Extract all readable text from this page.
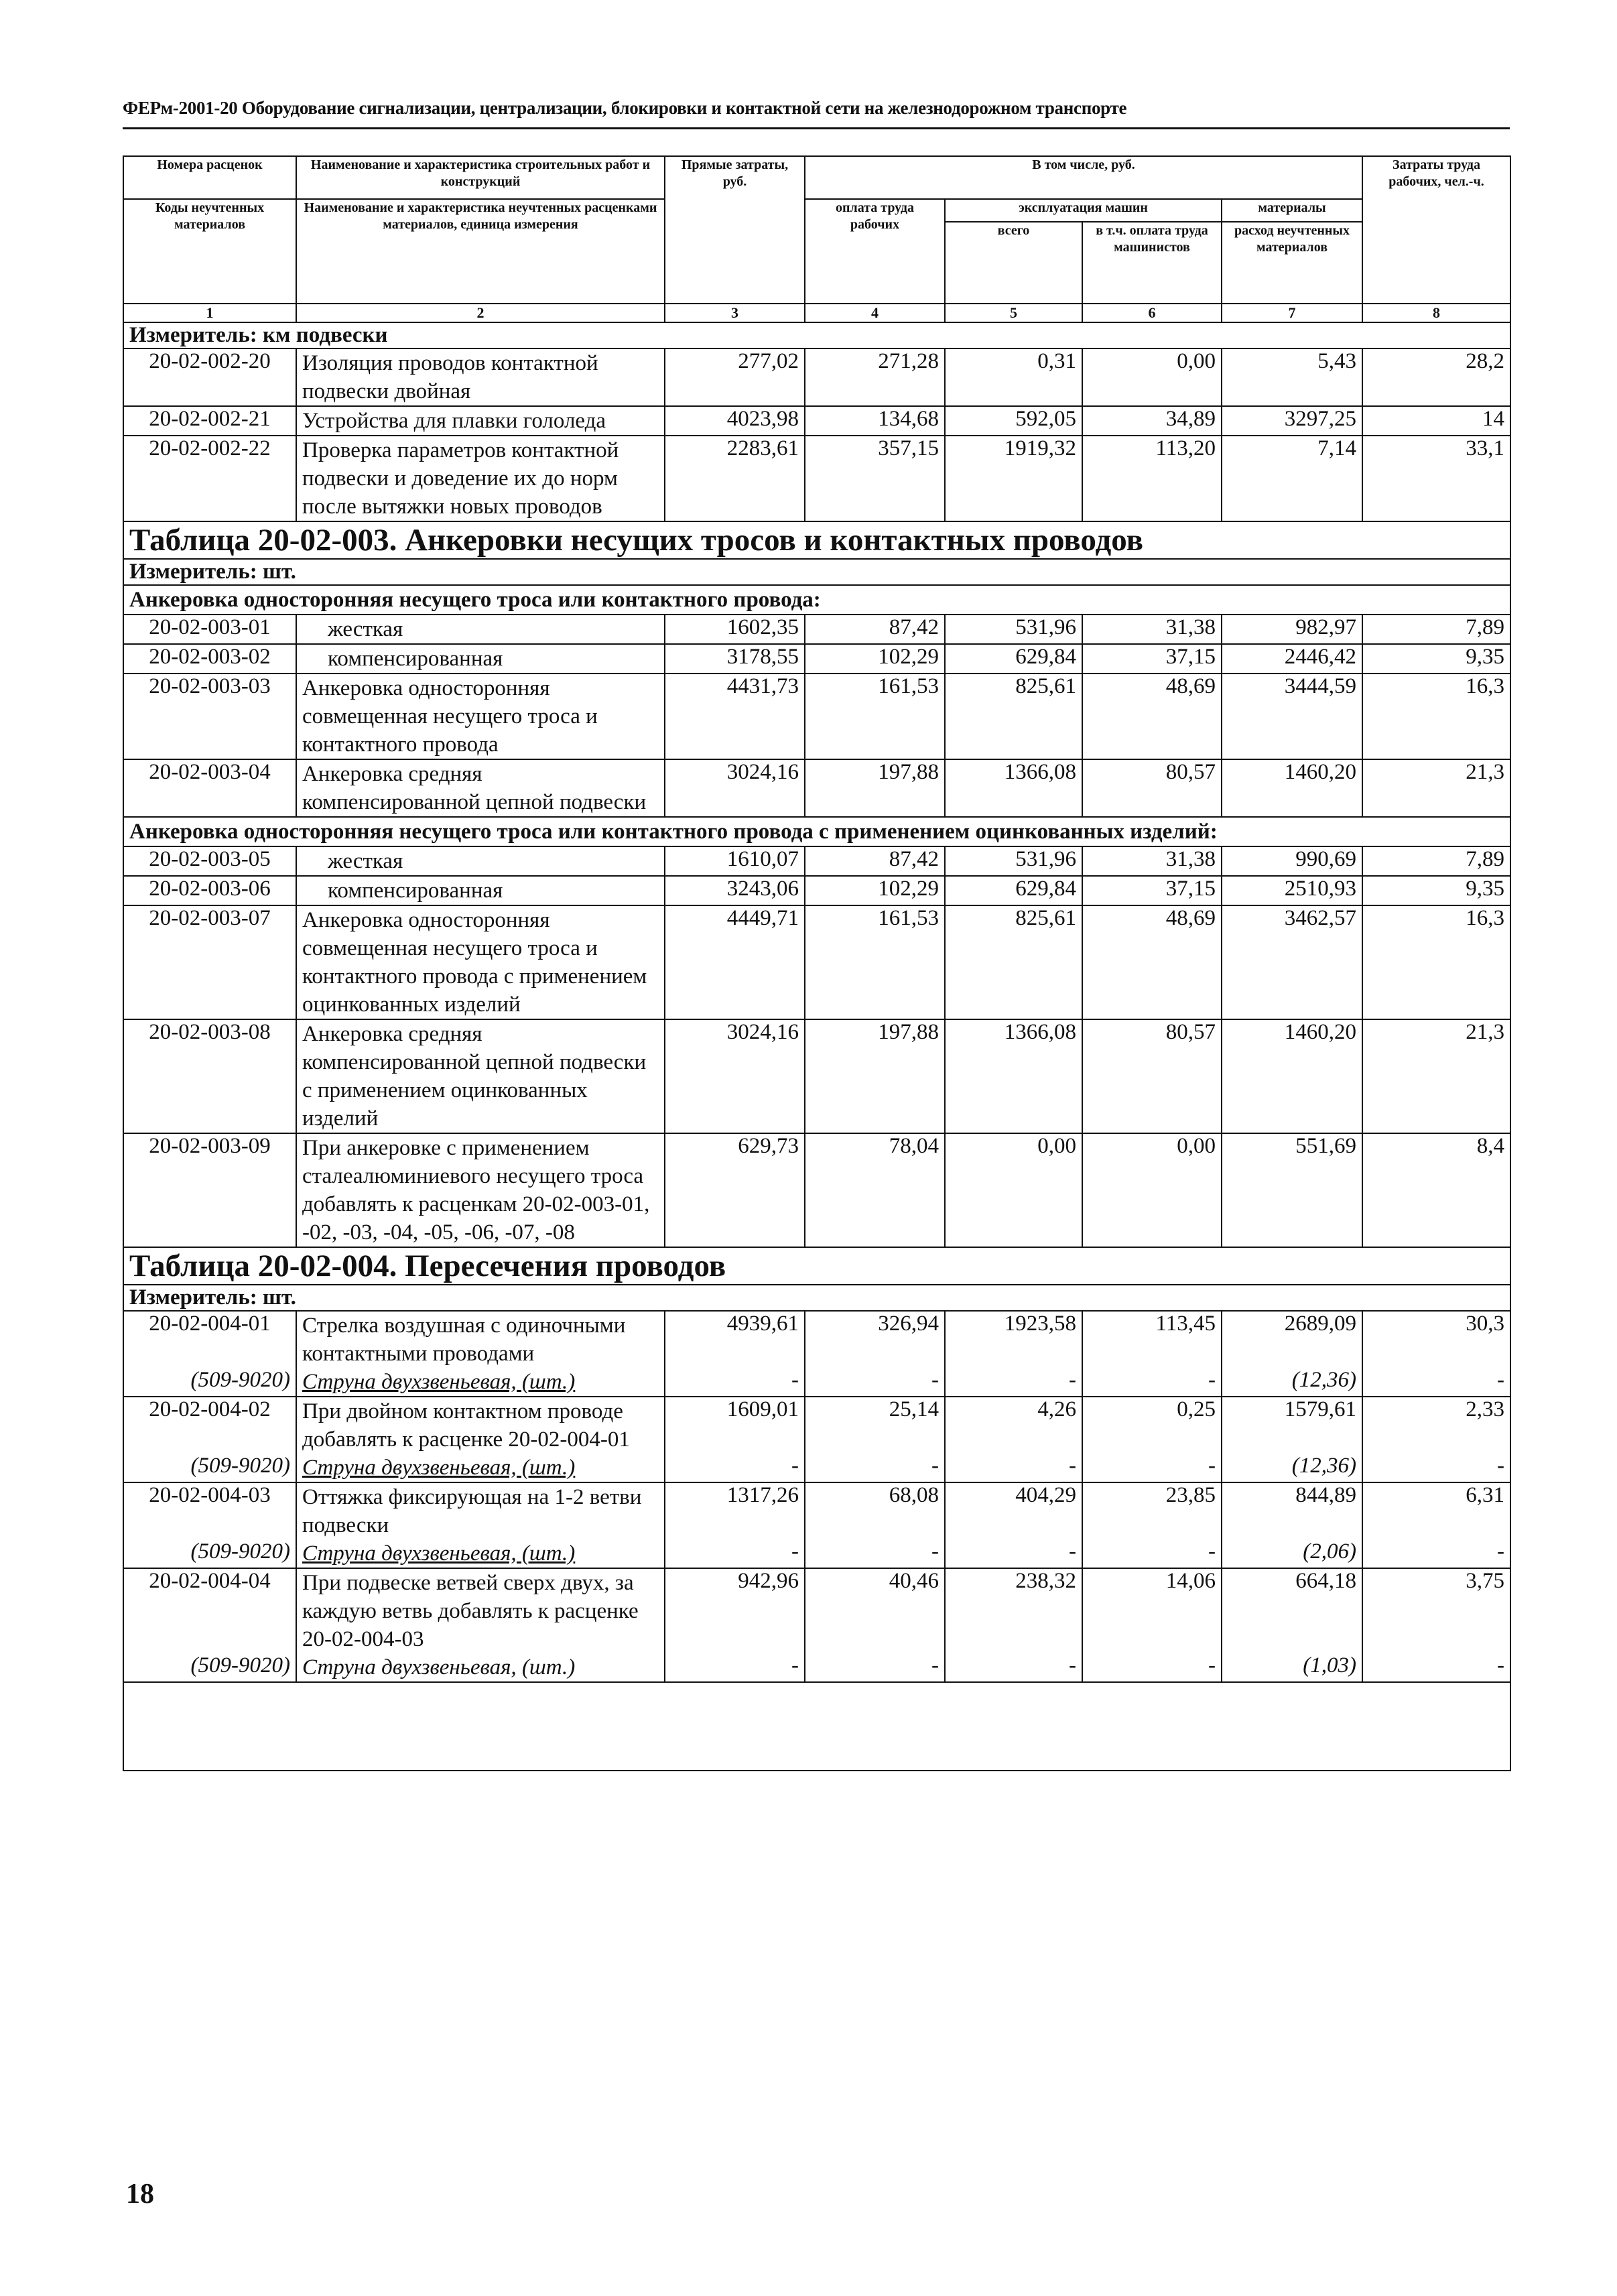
ФЕРм-2001-20 Оборудование сигнализации, централизации, блокировки и контактной сети на железнодорожном транспорте
Номера расценок	Наименование и характеристика строительных работ и конструкций	Прямые затраты, руб.	В том числе, руб.				Затраты труда рабочих, чел.-ч.
Коды неучтенных материалов	Наименование и характеристика неучтенных расценками материалов, единица измерения		оплата труда рабочих	эксплуатация машин		материалы	
				всего	в т.ч. оплата труда машинистов	расход неучтенных материалов	
1	2	3	4	5	6	7	8
Измеритель: км подвески							
20-02-002-20	Изоляция проводов контактной подвески двойная	277,02	271,28	0,31	0,00	5,43	28,2
20-02-002-21	Устройства для плавки гололеда	4023,98	134,68	592,05	34,89	3297,25	14
20-02-002-22	Проверка параметров контактной подвески и доведение их до норм после вытяжки новых проводов	2283,61	357,15	1919,32	113,20	7,14	33,1
Таблица 20-02-003. Анкеровки несущих тросов и контактных проводов							
Измеритель: шт.							
Анкеровка односторонняя несущего троса или контактного провода:							
20-02-003-01	жесткая	1602,35	87,42	531,96	31,38	982,97	7,89
20-02-003-02	компенсированная	3178,55	102,29	629,84	37,15	2446,42	9,35
20-02-003-03	Анкеровка односторонняя совмещенная несущего троса и контактного провода	4431,73	161,53	825,61	48,69	3444,59	16,3
20-02-003-04	Анкеровка средняя компенсированной цепной подвески	3024,16	197,88	1366,08	80,57	1460,20	21,3
Анкеровка односторонняя несущего троса или контактного провода с применением оцинкованных изделий:							
20-02-003-05	жесткая	1610,07	87,42	531,96	31,38	990,69	7,89
20-02-003-06	компенсированная	3243,06	102,29	629,84	37,15	2510,93	9,35
20-02-003-07	Анкеровка односторонняя совмещенная несущего троса и контактного провода с применением оцинкованных изделий	4449,71	161,53	825,61	48,69	3462,57	16,3
20-02-003-08	Анкеровка средняя компенсированной цепной подвески с применением оцинкованных изделий	3024,16	197,88	1366,08	80,57	1460,20	21,3
20-02-003-09	При анкеровке с применением сталеалюминиевого несущего троса добавлять к расценкам 20-02-003-01, -02, -03, -04, -05, -06, -07, -08	629,73	78,04	0,00	0,00	551,69	8,4
Таблица 20-02-004. Пересечения проводов							
Измеритель: шт.							
20-02-004-01	Стрелка воздушная с одиночными контактными проводами	4939,61	326,94	1923,58	113,45	2689,09	30,3
(509-9020)	Струна двухзвеньевая, (шт.)	-	-	-	-	(12,36)	-
20-02-004-02	При двойном контактном проводе добавлять к расценке 20-02-004-01	1609,01	25,14	4,26	0,25	1579,61	2,33
(509-9020)	Струна двухзвеньевая, (шт.)	-	-	-	-	(12,36)	-
20-02-004-03	Оттяжка фиксирующая на 1-2 ветви подвески	1317,26	68,08	404,29	23,85	844,89	6,31
(509-9020)	Струна двухзвеньевая, (шт.)	-	-	-	-	(2,06)	-
20-02-004-04	При подвеске ветвей сверх двух, за каждую ветвь добавлять к расценке 20-02-004-03	942,96	40,46	238,32	14,06	664,18	3,75
(509-9020)	Струна двухзвеньевая, (шт.)	-	-	-	-	(1,03)	-

18
